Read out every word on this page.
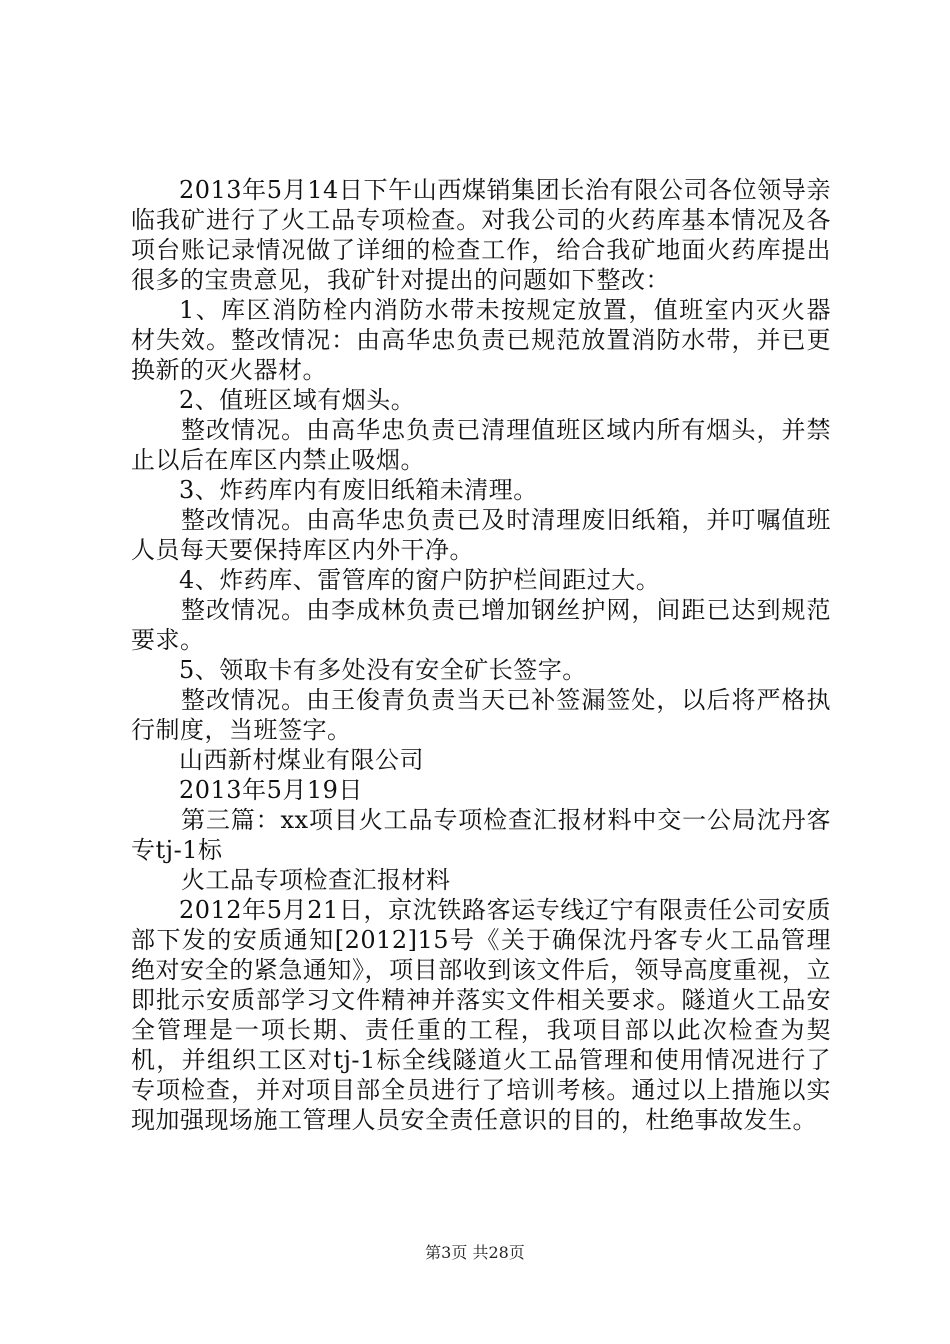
2013年5月14日下午山西煤销集团长治有限公司各位领导亲临我矿进行了火工品专项检查。对我公司的火药库基本情况及各项台账记录情况做了详细的检查工作，给合我矿地面火药库提出很多的宝贵意见，我矿针对提出的问题如下整改：

1、库区消防栓内消防水带未按规定放置，值班室内灭火器材失效。整改情况：由高华忠负责已规范放置消防水带，并已更换新的灭火器材。

2、值班区域有烟头。

整改情况。由高华忠负责已清理值班区域内所有烟头，并禁止以后在库区内禁止吸烟。

3、炸药库内有废旧纸箱未清理。

整改情况。由高华忠负责已及时清理废旧纸箱，并叮嘱值班人员每天要保持库区内外干净。

4、炸药库、雷管库的窗户防护栏间距过大。

整改情况。由李成林负责已增加钢丝护网，间距已达到规范要求。

5、领取卡有多处没有安全矿长签字。

整改情况。由王俊青负责当天已补签漏签处，以后将严格执行制度，当班签字。

山西新村煤业有限公司

2013年5月19日

第三篇：xx项目火工品专项检查汇报材料中交一公局沈丹客专tj-1标

火工品专项检查汇报材料

2012年5月21日，京沈铁路客运专线辽宁有限责任公司安质部下发的安质通知[2012]15号《关于确保沈丹客专火工品管理绝对安全的紧急通知》，项目部收到该文件后，领导高度重视，立即批示安质部学习文件精神并落实文件相关要求。隧道火工品安全管理是一项长期、责任重的工程，我项目部以此次检查为契机，并组织工区对tj-1标全线隧道火工品管理和使用情况进行了专项检查，并对项目部全员进行了培训考核。通过以上措施以实现加强现场施工管理人员安全责任意识的目的，杜绝事故发生。

第3页 共28页
